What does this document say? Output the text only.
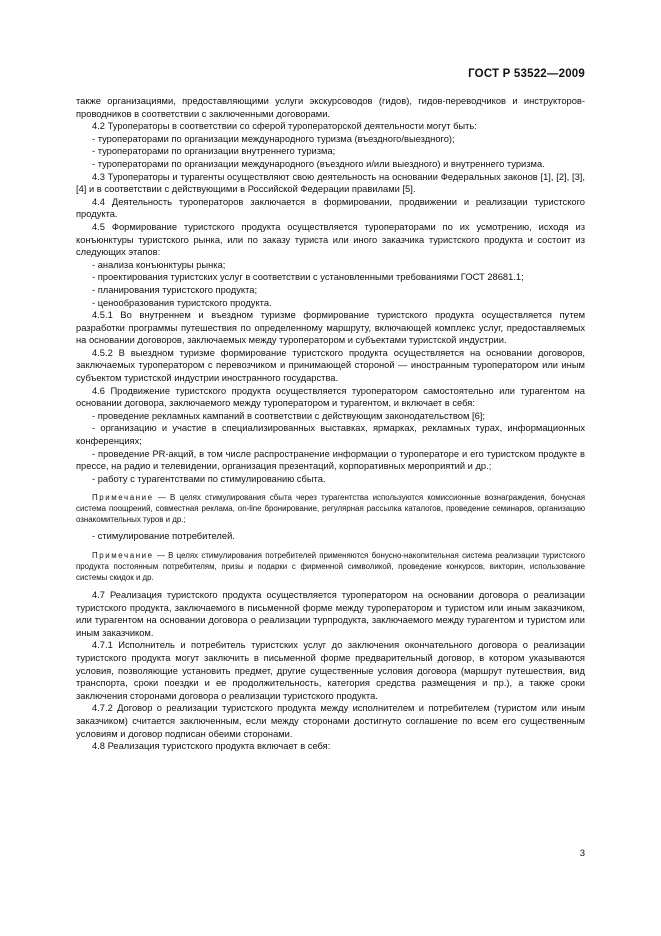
ГОСТ Р 53522—2009

также организациями, предоставляющими услуги экскурсоводов (гидов), гидов-переводчиков и инструкторов-проводников в соответствии с заключенными договорами.

4.2 Туроператоры в соответствии со сферой туроператорской деятельности могут быть:

- туроператорами по организации международного туризма (въездного/выездного);

- туроператорами по организации внутреннего туризма;

- туроператорами по организации международного (въездного и/или выездного) и внутреннего туризма.

4.3 Туроператоры и турагенты осуществляют свою деятельность на основании Федеральных законов [1], [2], [3], [4] и в соответствии с действующими в Российской Федерации правилами [5].

4.4 Деятельность туроператоров заключается в формировании, продвижении и реализации туристского продукта.

4.5 Формирование туристского продукта осуществляется туроператорами по их усмотрению, исходя из конъюнктуры туристского рынка, или по заказу туриста или иного заказчика туристского продукта и состоит из следующих этапов:

- анализа конъюнктуры рынка;

- проектирования туристских услуг в соответствии с установленными требованиями ГОСТ 28681.1;

- планирования туристского продукта;

- ценообразования туристского продукта.

4.5.1 Во внутреннем и въездном туризме формирование туристского продукта осуществляется путем разработки программы путешествия по определенному маршруту, включающей комплекс услуг, предоставляемых на основании договоров, заключаемых между туроператором и субъектами туристской индустрии.

4.5.2 В выездном туризме формирование туристского продукта осуществляется на основании договоров, заключаемых туроператором с перевозчиком и принимающей стороной — иностранным туроператором или иным субъектом туристской индустрии иностранного государства.

4.6 Продвижение туристского продукта осуществляется туроператором самостоятельно или турагентом на основании договора, заключаемого между туроператором и турагентом, и включает в себя:

- проведение рекламных кампаний в соответствии с действующим законодательством [6];

- организацию и участие в специализированных выставках, ярмарках, рекламных турах, информационных конференциях;

- проведение PR-акций, в том числе распространение информации о туроператоре и его туристском продукте в прессе, на радио и телевидении, организация презентаций, корпоративных мероприятий и др.;

- работу с турагентствами по стимулированию сбыта.

Примечание — В целях стимулирования сбыта через турагентства используются комиссионные вознаграждения, бонусная система поощрений, совместная реклама, on-line бронирование, регулярная рассылка каталогов, проведение семинаров, организацию ознакомительных туров и др.;

- стимулирование потребителей.

Примечание — В целях стимулирования потребителей применяются бонусно-накопительная система реализации туристского продукта постоянным потребителям, призы и подарки с фирменной символикой, проведение конкурсов, викторин, использование системы скидок и др.

4.7 Реализация туристского продукта осуществляется туроператором на основании договора о реализации туристского продукта, заключаемого в письменной форме между туроператором и туристом или иным заказчиком, или турагентом на основании договора о реализации турпродукта, заключаемого между турагентом и туристом или иным заказчиком.

4.7.1 Исполнитель и потребитель туристских услуг до заключения окончательного договора о реализации туристского продукта могут заключить в письменной форме предварительный договор, в котором указываются условия, позволяющие установить предмет, другие существенные условия договора (маршрут путешествия, вид транспорта, сроки поездки и ее продолжительность, категория средства размещения и пр.), а также сроки заключения сторонами договора о реализации туристского продукта.

4.7.2 Договор о реализации туристского продукта между исполнителем и потребителем (туристом или иным заказчиком) считается заключенным, если между сторонами достигнуто соглашение по всем его существенным условиям и договор подписан обеими сторонами.

4.8 Реализация туристского продукта включает в себя:

3
